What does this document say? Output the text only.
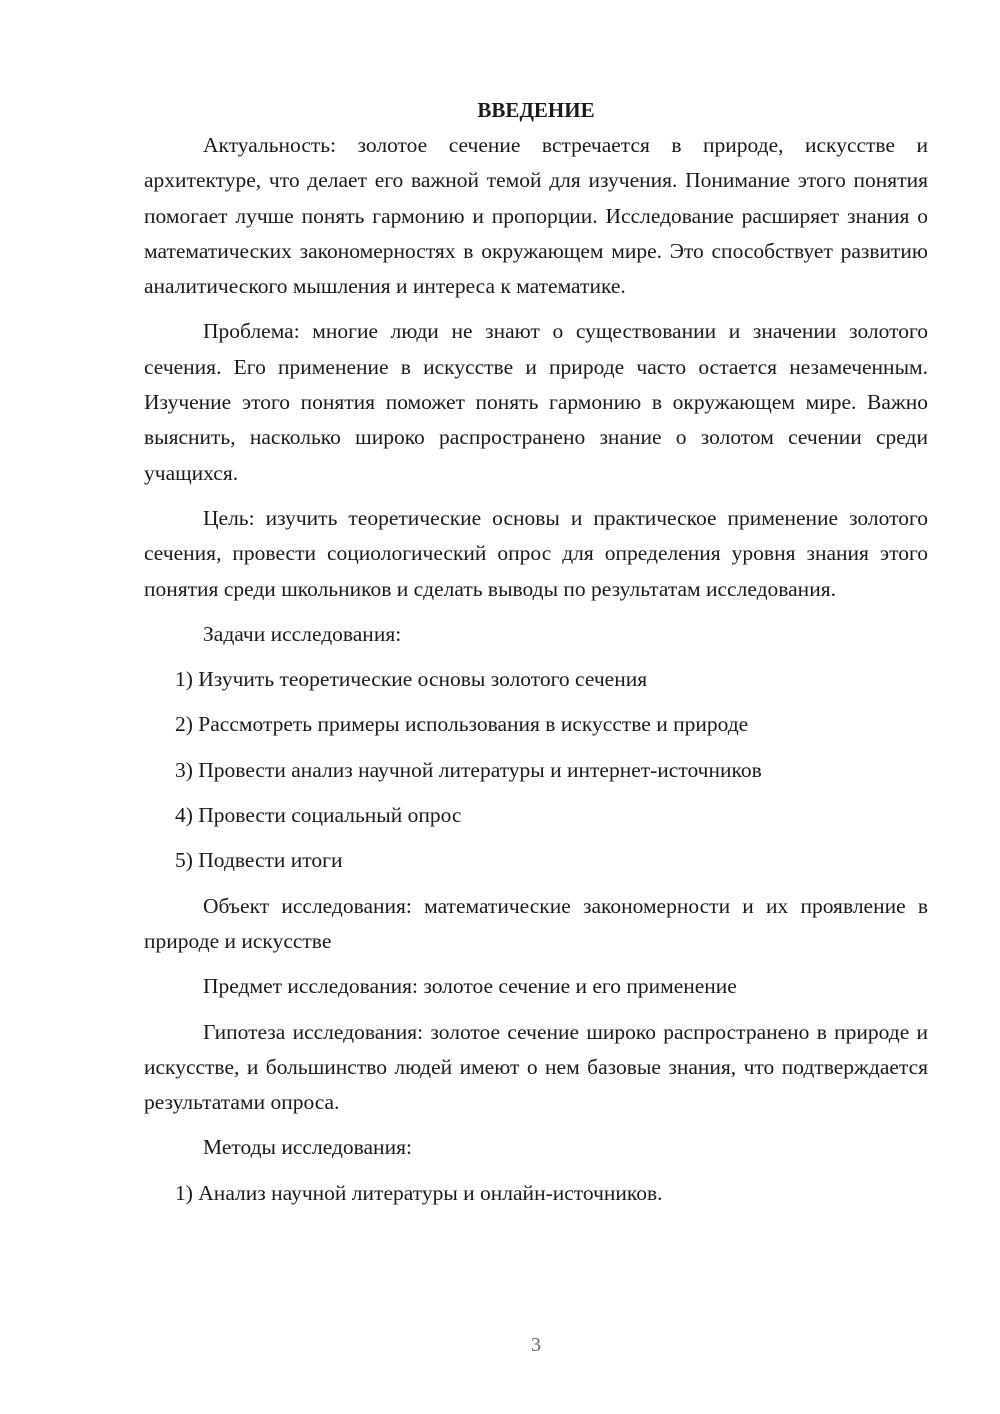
ВВЕДЕНИЕ

Актуальность: золотое сечение встречается в природе, искусстве и архитектуре, что делает его важной темой для изучения. Понимание этого понятия помогает лучше понять гармонию и пропорции. Исследование расширяет знания о математических закономерностях в окружающем мире. Это способствует развитию аналитического мышления и интереса к математике.

Проблема: многие люди не знают о существовании и значении золотого сечения. Его применение в искусстве и природе часто остается незамеченным. Изучение этого понятия поможет понять гармонию в окружающем мире. Важно выяснить, насколько широко распространено знание о золотом сечении среди учащихся.

Цель: изучить теоретические основы и практическое применение золотого сечения, провести социологический опрос для определения уровня знания этого понятия среди школьников и сделать выводы по результатам исследования.

Задачи исследования:

1) Изучить теоретические основы золотого сечения

2) Рассмотреть примеры использования в искусстве и природе

3) Провести анализ научной литературы и интернет-источников

4) Провести социальный опрос

5) Подвести итоги

Объект исследования: математические закономерности и их проявление в природе и искусстве

Предмет исследования: золотое сечение и его применение

Гипотеза исследования: золотое сечение широко распространено в природе и искусстве, и большинство людей имеют о нем базовые знания, что подтверждается результатами опроса.

Методы исследования:

1) Анализ научной литературы и онлайн-источников.

3
